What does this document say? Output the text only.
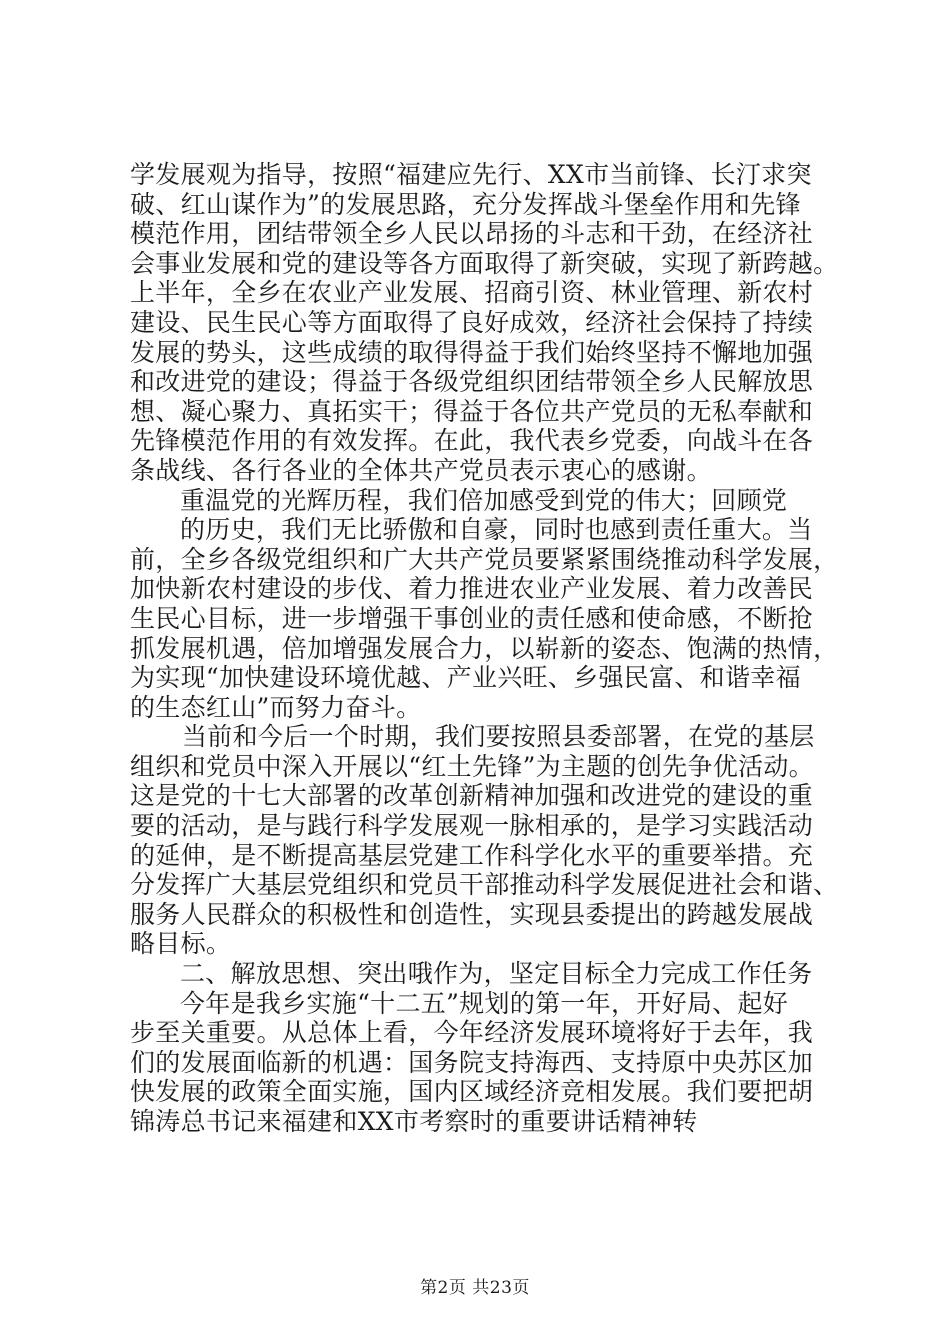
学发展观为指导，按照“福建应先行、XX市当前锋、长汀求突
破、红山谋作为”的发展思路，充分发挥战斗堡垒作用和先锋
模范作用，团结带领全乡人民以昂扬的斗志和干劲，在经济社
会事业发展和党的建设等各方面取得了新突破，实现了新跨越。
上半年，全乡在农业产业发展、招商引资、林业管理、新农村
建设、民生民心等方面取得了良好成效，经济社会保持了持续
发展的势头，这些成绩的取得得益于我们始终坚持不懈地加强
和改进党的建设；得益于各级党组织团结带领全乡人民解放思
想、凝心聚力、真拓实干；得益于各位共产党员的无私奉献和
先锋模范作用的有效发挥。在此，我代表乡党委，向战斗在各
条战线、各行各业的全体共产党员表示衷心的感谢。
重温党的光辉历程，我们倍加感受到党的伟大；回顾党
的历史，我们无比骄傲和自豪，同时也感到责任重大。当
前，全乡各级党组织和广大共产党员要紧紧围绕推动科学发展，
加快新农村建设的步伐、着力推进农业产业发展、着力改善民
生民心目标，进一步增强干事创业的责任感和使命感，不断抢
抓发展机遇，倍加增强发展合力，以崭新的姿态、饱满的热情，
为实现“加快建设环境优越、产业兴旺、乡强民富、和谐幸福
的生态红山”而努力奋斗。
当前和今后一个时期，我们要按照县委部署，在党的基层
组织和党员中深入开展以“红土先锋”为主题的创先争优活动。
这是党的十七大部署的改革创新精神加强和改进党的建设的重
要的活动，是与践行科学发展观一脉相承的，是学习实践活动
的延伸，是不断提高基层党建工作科学化水平的重要举措。充
分发挥广大基层党组织和党员干部推动科学发展促进社会和谐、
服务人民群众的积极性和创造性，实现县委提出的跨越发展战
略目标。
二、解放思想、突出哦作为，坚定目标全力完成工作任务
今年是我乡实施“十二五”规划的第一年，开好局、起好
步至关重要。从总体上看，今年经济发展环境将好于去年，我
们的发展面临新的机遇：国务院支持海西、支持原中央苏区加
快发展的政策全面实施，国内区域经济竞相发展。我们要把胡
锦涛总书记来福建和XX市考察时的重要讲话精神转
第2页 共23页
